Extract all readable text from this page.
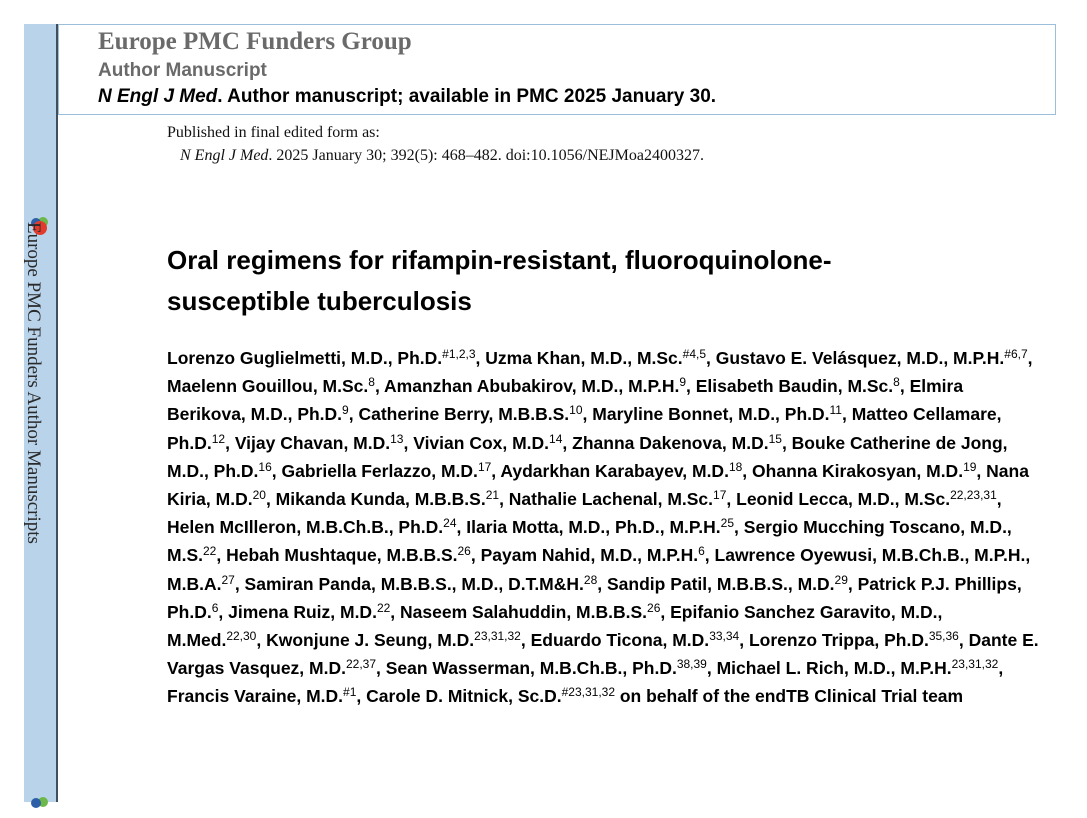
Europe PMC Funders Author Manuscripts
Europe PMC Funders Group
Author Manuscript
N Engl J Med. Author manuscript; available in PMC 2025 January 30.
Published in final edited form as:
N Engl J Med. 2025 January 30; 392(5): 468–482. doi:10.1056/NEJMoa2400327.
Oral regimens for rifampin-resistant, fluoroquinolone-susceptible tuberculosis
Lorenzo Guglielmetti, M.D., Ph.D.$^{\#1,2,3}$, Uzma Khan, M.D., M.Sc.$^{\#4,5}$, Gustavo E. Velásquez, M.D., M.P.H.$^{\#6,7}$, Maelenn Gouillou, M.Sc.$^8$, Amanzhan Abubakirov, M.D., M.P.H.$^9$, Elisabeth Baudin, M.Sc.$^8$, Elmira Berikova, M.D., Ph.D.$^9$, Catherine Berry, M.B.B.S.$^{10}$, Maryline Bonnet, M.D., Ph.D.$^{11}$, Matteo Cellamare, Ph.D.$^{12}$, Vijay Chavan, M.D.$^{13}$, Vivian Cox, M.D.$^{14}$, Zhanna Dakenova, M.D.$^{15}$, Bouke Catherine de Jong, M.D., Ph.D.$^{16}$, Gabriella Ferlazzo, M.D.$^{17}$, Aydarkhan Karabayev, M.D.$^{18}$, Ohanna Kirakosyan, M.D.$^{19}$, Nana Kiria, M.D.$^{20}$, Mikanda Kunda, M.B.B.S.$^{21}$, Nathalie Lachenal, M.Sc.$^{17}$, Leonid Lecca, M.D., M.Sc.$^{22,23,31}$, Helen McIlleron, M.B.Ch.B., Ph.D.$^{24}$, Ilaria Motta, M.D., Ph.D., M.P.H.$^{25}$, Sergio Mucching Toscano, M.D., M.S.$^{22}$, Hebah Mushtaque, M.B.B.S.$^{26}$, Payam Nahid, M.D., M.P.H.$^6$, Lawrence Oyewusi, M.B.Ch.B., M.P.H., M.B.A.$^{27}$, Samiran Panda, M.B.B.S., M.D., D.T.M&H.$^{28}$, Sandip Patil, M.B.B.S., M.D.$^{29}$, Patrick P.J. Phillips, Ph.D.$^6$, Jimena Ruiz, M.D.$^{22}$, Naseem Salahuddin, M.B.B.S.$^{26}$, Epifanio Sanchez Garavito, M.D., M.Med.$^{22,30}$, Kwonjune J. Seung, M.D.$^{23,31,32}$, Eduardo Ticona, M.D.$^{33,34}$, Lorenzo Trippa, Ph.D.$^{35,36}$, Dante E. Vargas Vasquez, M.D.$^{22,37}$, Sean Wasserman, M.B.Ch.B., Ph.D.$^{38,39}$, Michael L. Rich, M.D., M.P.H.$^{23,31,32}$, Francis Varaine, M.D.$^{\#1}$, Carole D. Mitnick, Sc.D.$^{\#23,31,32}$ on behalf of the endTB Clinical Trial team
